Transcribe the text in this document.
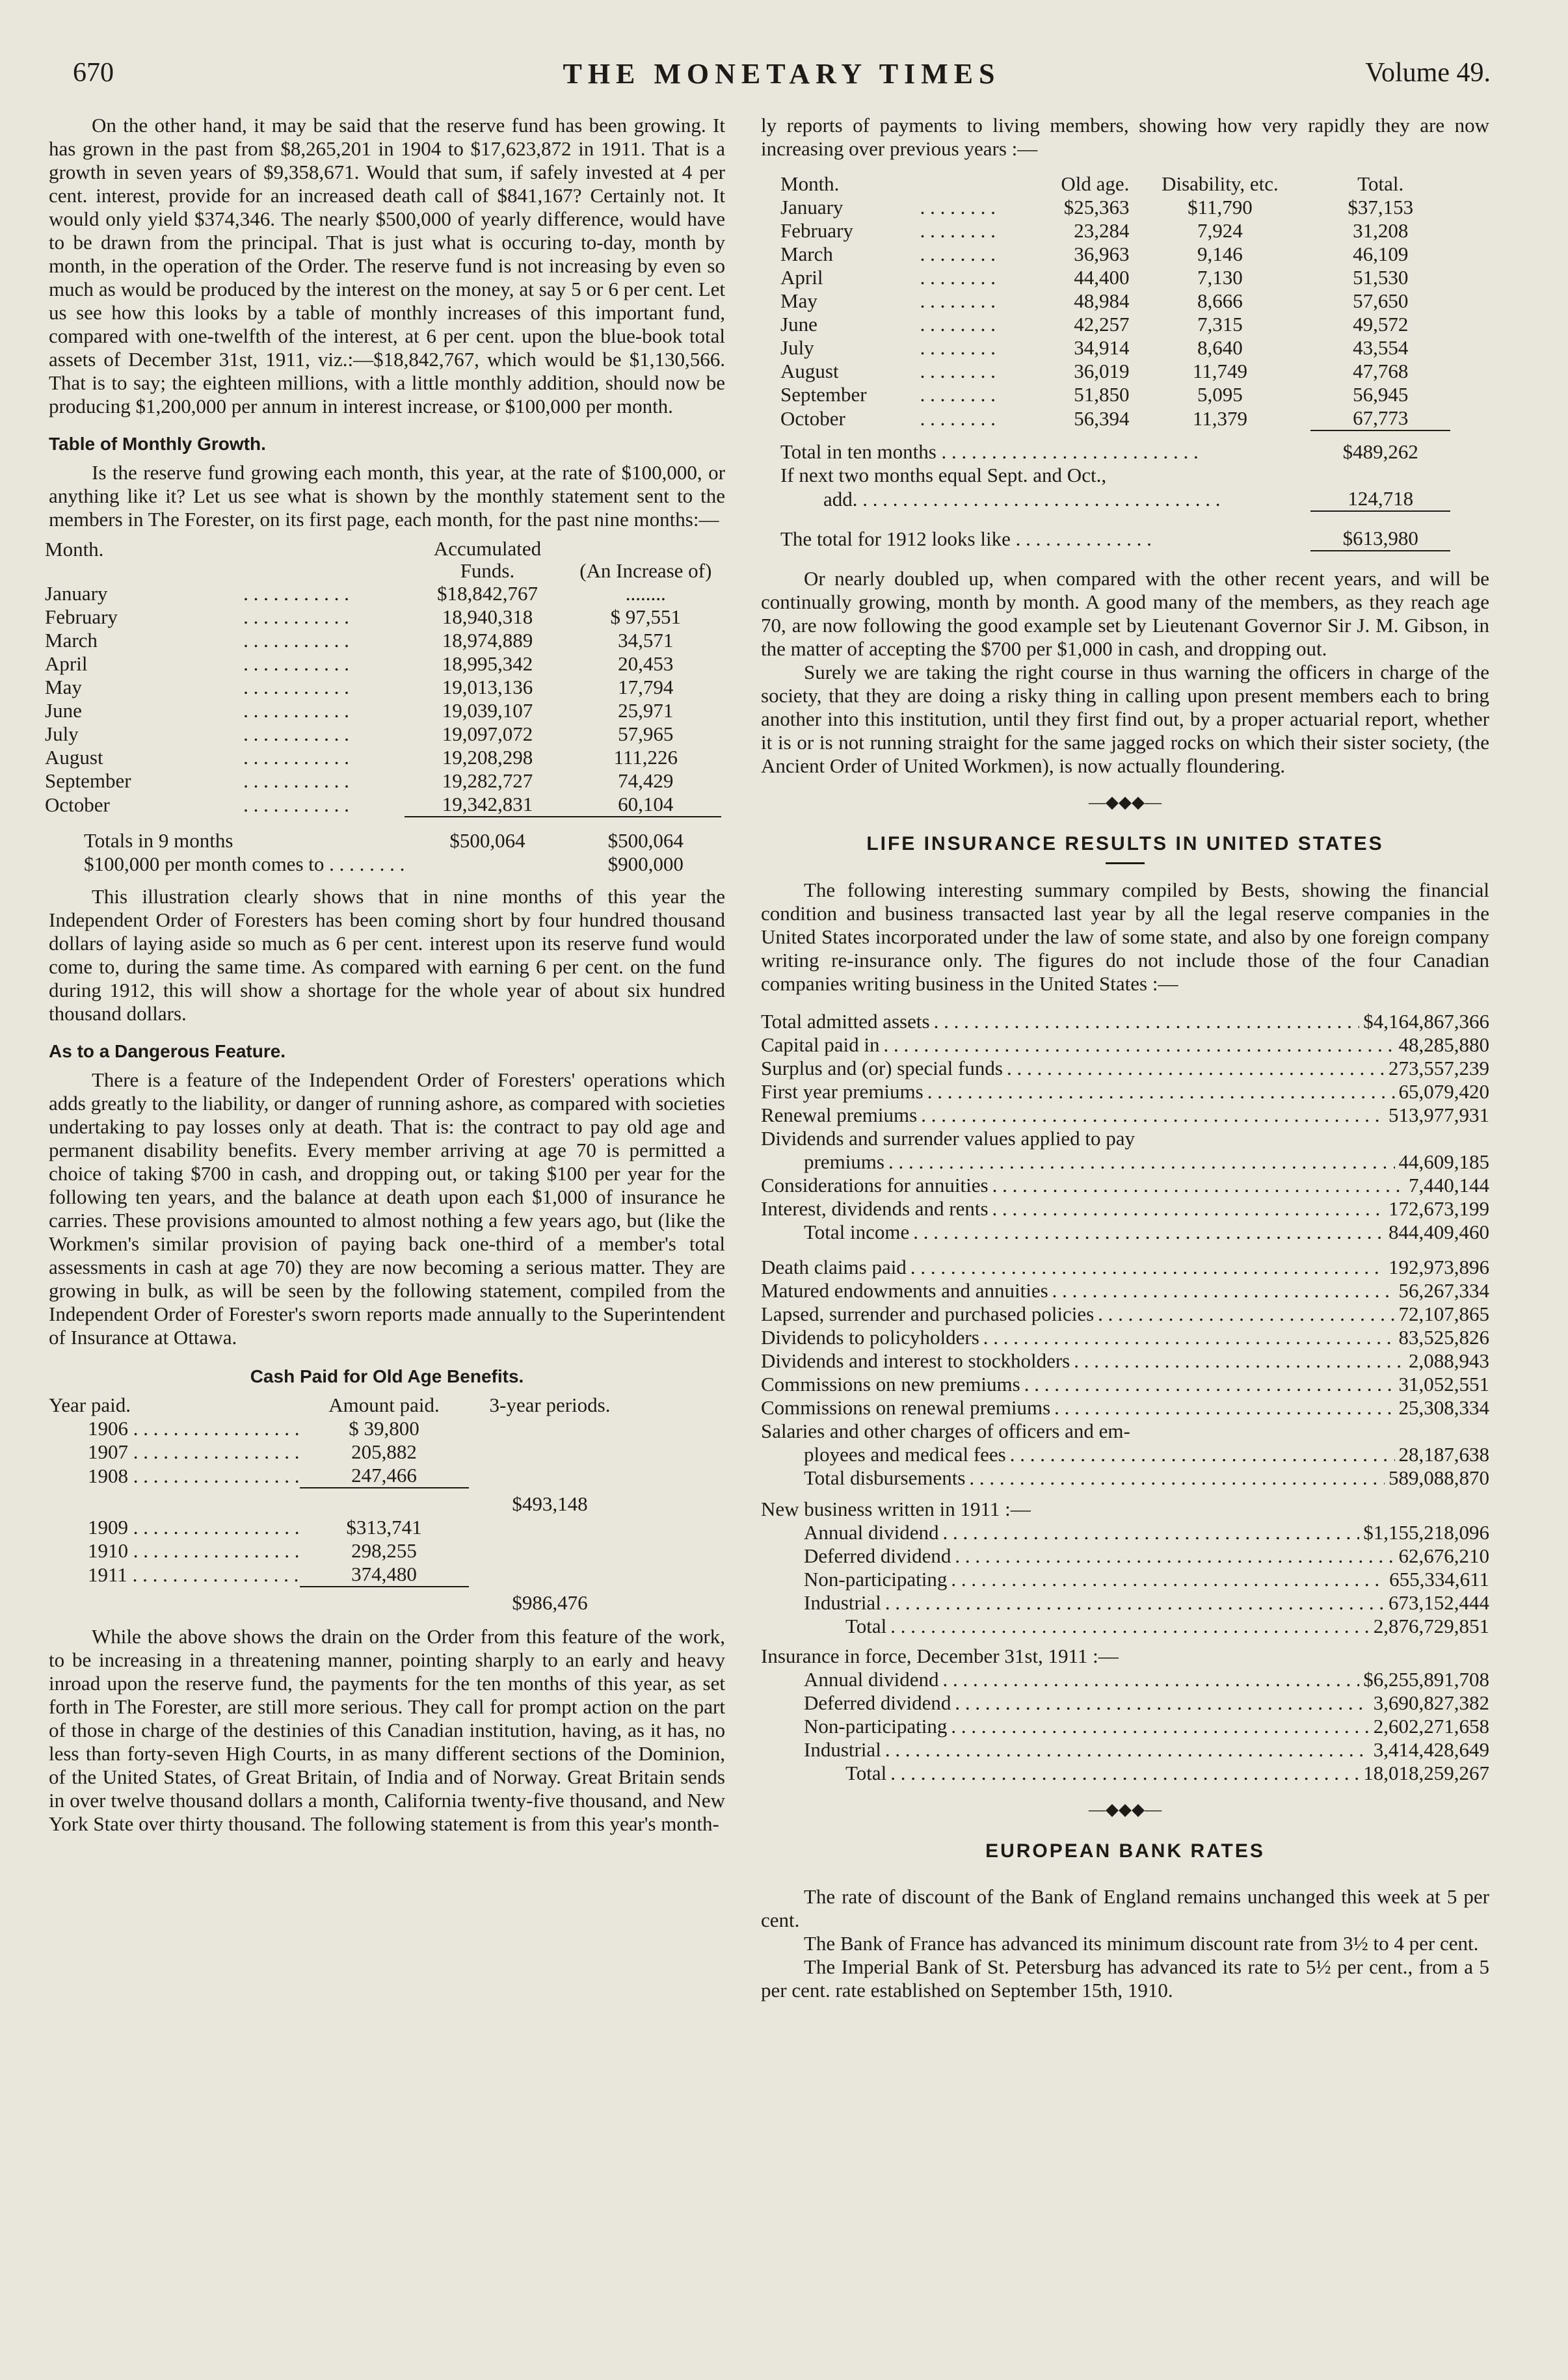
THE MONETARY TIMES
670	Volume 49.

On the other hand, it may be said that the reserve fund has been growing. It has grown in the past from $8,265,201 in 1904 to $17,623,872 in 1911. That is a growth in seven years of $9,358,671. Would that sum, if safely invested at 4 per cent. interest, provide for an increased death call of $841,167? Certainly not. It would only yield $374,346. The nearly $500,000 of yearly difference, would have to be drawn from the principal. That is just what is occuring to-day, month by month, in the operation of the Order. The reserve fund is not increasing by even so much as would be produced by the interest on the money, at say 5 or 6 per cent. Let us see how this looks by a table of monthly increases of this important fund, compared with one-twelfth of the interest, at 6 per cent. upon the blue-book total assets of December 31st, 1911, viz.:—$18,842,767, which would be $1,130,566. That is to say; the eighteen millions, with a little monthly addition, should now be producing $1,200,000 per annum in interest increase, or $100,000 per month.

Table of Monthly Growth.

Is the reserve fund growing each month, this year, at the rate of $100,000, or anything like it? Let us see what is shown by the monthly statement sent to the members in The Forester, on its first page, each month, for the past nine months:—

Month.		Accumulated Funds.	(An Increase of)	
January	. . . . . . . . . . .	$18,842,767	........	
February	. . . . . . . . . . .	18,940,318	$ 97,551	
March	. . . . . . . . . . .	18,974,889	34,571	
April	. . . . . . . . . . .	18,995,342	20,453	
May	. . . . . . . . . . .	19,013,136	17,794	
June	. . . . . . . . . . .	19,039,107	25,971	
July	. . . . . . . . . . .	19,097,072	57,965	
August	. . . . . . . . . . .	19,208,298	111,226	
September	. . . . . . . . . . .	19,282,727	74,429	
October	. . . . . . . . . . .	19,342,831	60,104	

Totals in 9 months		$500,064	$500,064	
$100,000 per month comes to . . . . . . . .			$900,000	

This illustration clearly shows that in nine months of this year the Independent Order of Foresters has been coming short by four hundred thousand dollars of laying aside so much as 6 per cent. interest upon its reserve fund would come to, during the same time. As compared with earning 6 per cent. on the fund during 1912, this will show a shortage for the whole year of about six hundred thousand dollars.

As to a Dangerous Feature.

There is a feature of the Independent Order of Foresters' operations which adds greatly to the liability, or danger of running ashore, as compared with societies undertaking to pay losses only at death. That is: the contract to pay old age and permanent disability benefits. Every member arriving at age 70 is permitted a choice of taking $700 in cash, and dropping out, or taking $100 per year for the following ten years, and the balance at death upon each $1,000 of insurance he carries. These provisions amounted to almost nothing a few years ago, but (like the Workmen's similar provision of paying back one-third of a member's total assessments in cash at age 70) they are now becoming a serious matter. They are growing in bulk, as will be seen by the following statement, compiled from the Independent Order of Forester's sworn reports made annually to the Superintendent of Insurance at Ottawa.

Cash Paid for Old Age Benefits.
Year paid.	Amount paid.	3-year periods.	
1906 . . . . . . . . . . . . . . . . .	$ 39,800		
1907 . . . . . . . . . . . . . . . . .	205,882		
1908 . . . . . . . . . . . . . . . . .	247,466		

		$493,148	
1909 . . . . . . . . . . . . . . . . .	$313,741		
1910 . . . . . . . . . . . . . . . . .	298,255		
1911 . . . . . . . . . . . . . . . . .	374,480		

		$986,476	

While the above shows the drain on the Order from this feature of the work, to be increasing in a threatening manner, pointing sharply to an early and heavy inroad upon the reserve fund, the payments for the ten months of this year, as set forth in The Forester, are still more serious. They call for prompt action on the part of those in charge of the destinies of this Canadian institution, having, as it has, no less than forty-seven High Courts, in as many different sections of the Dominion, of the United States, of Great Britain, of India and of Norway. Great Britain sends in over twelve thousand dollars a month, California twenty-five thousand, and New York State over thirty thousand. The following statement is from this year's month-

ly reports of payments to living members, showing how very rapidly they are now increasing over previous years :—

Month.		Old age.	Disability, etc.	Total.
January	. . . . . . . .	$25,363	$11,790	$37,153
February	. . . . . . . .	23,284	7,924	31,208
March	. . . . . . . .	36,963	9,146	46,109
April	. . . . . . . .	44,400	7,130	51,530
May	. . . . . . . .	48,984	8,666	57,650
June	. . . . . . . .	42,257	7,315	49,572
July	. . . . . . . .	34,914	8,640	43,554
August	. . . . . . . .	36,019	11,749	47,768
September	. . . . . . . .	51,850	5,095	56,945
October	. . . . . . . .	56,394	11,379	67,773

Total in ten months . . . . . . . . . . . . . . . . . . . . . . . . . .				$489,262
If next two months equal Sept. and Oct.,				
add. . . . . . . . . . . . . . . . . . . . . . . . . . . . . . . . . . . . .				124,718

The total for 1912 looks like . . . . . . . . . . . . . .				$613,980

Or nearly doubled up, when compared with the other recent years, and will be continually growing, month by month. A good many of the members, as they reach age 70, are now following the good example set by Lieutenant Governor Sir J. M. Gibson, in the matter of accepting the $700 per $1,000 in cash, and dropping out.

Surely we are taking the right course in thus warning the officers in charge of the society, that they are doing a risky thing in calling upon present members each to bring another into this institution, until they first find out, by a proper actuarial report, whether it is or is not running straight for the same jagged rocks on which their sister society, (the Ancient Order of United Workmen), is now actually floundering.

—◆◆◆—
LIFE INSURANCE RESULTS IN UNITED STATES

The following interesting summary compiled by Bests, showing the financial condition and business transacted last year by all the legal reserve companies in the United States incorporated under the law of some state, and also by one foreign company writing re-insurance only. The figures do not include those of the four Canadian companies writing business in the United States :—

Total admitted assets . . .	$4,164,867,366
Capital paid in . . .	48,285,880
Surplus and (or) special funds . . .	273,557,239
First year premiums . . .	65,079,420
Renewal premiums . . .	513,977,931
Dividends and surrender values applied to pay
premiums . . .	44,609,185
Considerations for annuities . . .	7,440,144
Interest, dividends and rents . . .	172,673,199
Total income . . .	844,409,460
Death claims paid . . .	192,973,896
Matured endowments and annuities . . .	56,267,334
Lapsed, surrender and purchased policies . . .	72,107,865
Dividends to policyholders . . .	83,525,826
Dividends and interest to stockholders . . .	2,088,943
Commissions on new premiums . . .	31,052,551
Commissions on renewal premiums . . .	25,308,334
Salaries and other charges of officers and em-
ployees and medical fees . . .	28,187,638
Total disbursements . . .	589,088,870
New business written in 1911 :—
Annual dividend . . .	$1,155,218,096
Deferred dividend . . .	62,676,210
Non-participating . . .	655,334,611
Industrial . . .	673,152,444
Total . . .	2,876,729,851
Insurance in force, December 31st, 1911 :—
Annual dividend . . .	$6,255,891,708
Deferred dividend . . .	3,690,827,382
Non-participating . . .	2,602,271,658
Industrial . . .	3,414,428,649
Total . . .	18,018,259,267
—◆◆◆—
EUROPEAN BANK RATES

The rate of discount of the Bank of England remains unchanged this week at 5 per cent.

The Bank of France has advanced its minimum discount rate from 3½ to 4 per cent.

The Imperial Bank of St. Petersburg has advanced its rate to 5½ per cent., from a 5 per cent. rate established on September 15th, 1910.
